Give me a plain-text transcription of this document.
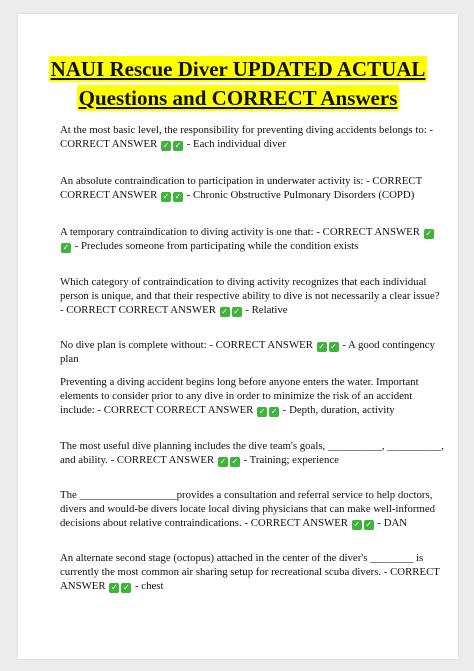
NAUI Rescue Diver UPDATED ACTUAL
Questions and CORRECT Answers

At the most basic level, the responsibility for preventing diving accidents belongs to: - CORRECT ANSWER ✓ ✓ - Each individual diver

An absolute contraindication to participation in underwater activity is: - CORRECT CORRECT ANSWER ✓ ✓ - Chronic Obstructive Pulmonary Disorders (COPD)

A temporary contraindication to diving activity is one that: - CORRECT ANSWER ✓✓ - Precludes someone from participating while the condition exists

Which category of contraindication to diving activity recognizes that each individual person is unique, and that their respective ability to dive is not necessarily a clear issue? - CORRECT CORRECT ANSWER ✓ ✓ - Relative

No dive plan is complete without: - CORRECT ANSWER ✓ ✓ - A good contingency plan

Preventing a diving accident begins long before anyone enters the water. Important elements to consider prior to any dive in order to minimize the risk of an accident include: - CORRECT CORRECT ANSWER ✓ ✓ - Depth, duration, activity

The most useful dive planning includes the dive team's goals, __________, __________, and ability. - CORRECT ANSWER ✓ ✓ - Training; experience

The __________________provides a consultation and referral service to help doctors, divers and would-be divers locate local diving physicians that can make well-informed decisions about relative contraindications. - CORRECT ANSWER ✓ ✓ - DAN

An alternate second stage (octopus) attached in the center of the diver's ________ is currently the most common air sharing setup for recreational scuba divers. - CORRECT ANSWER ✓ ✓ - chest
